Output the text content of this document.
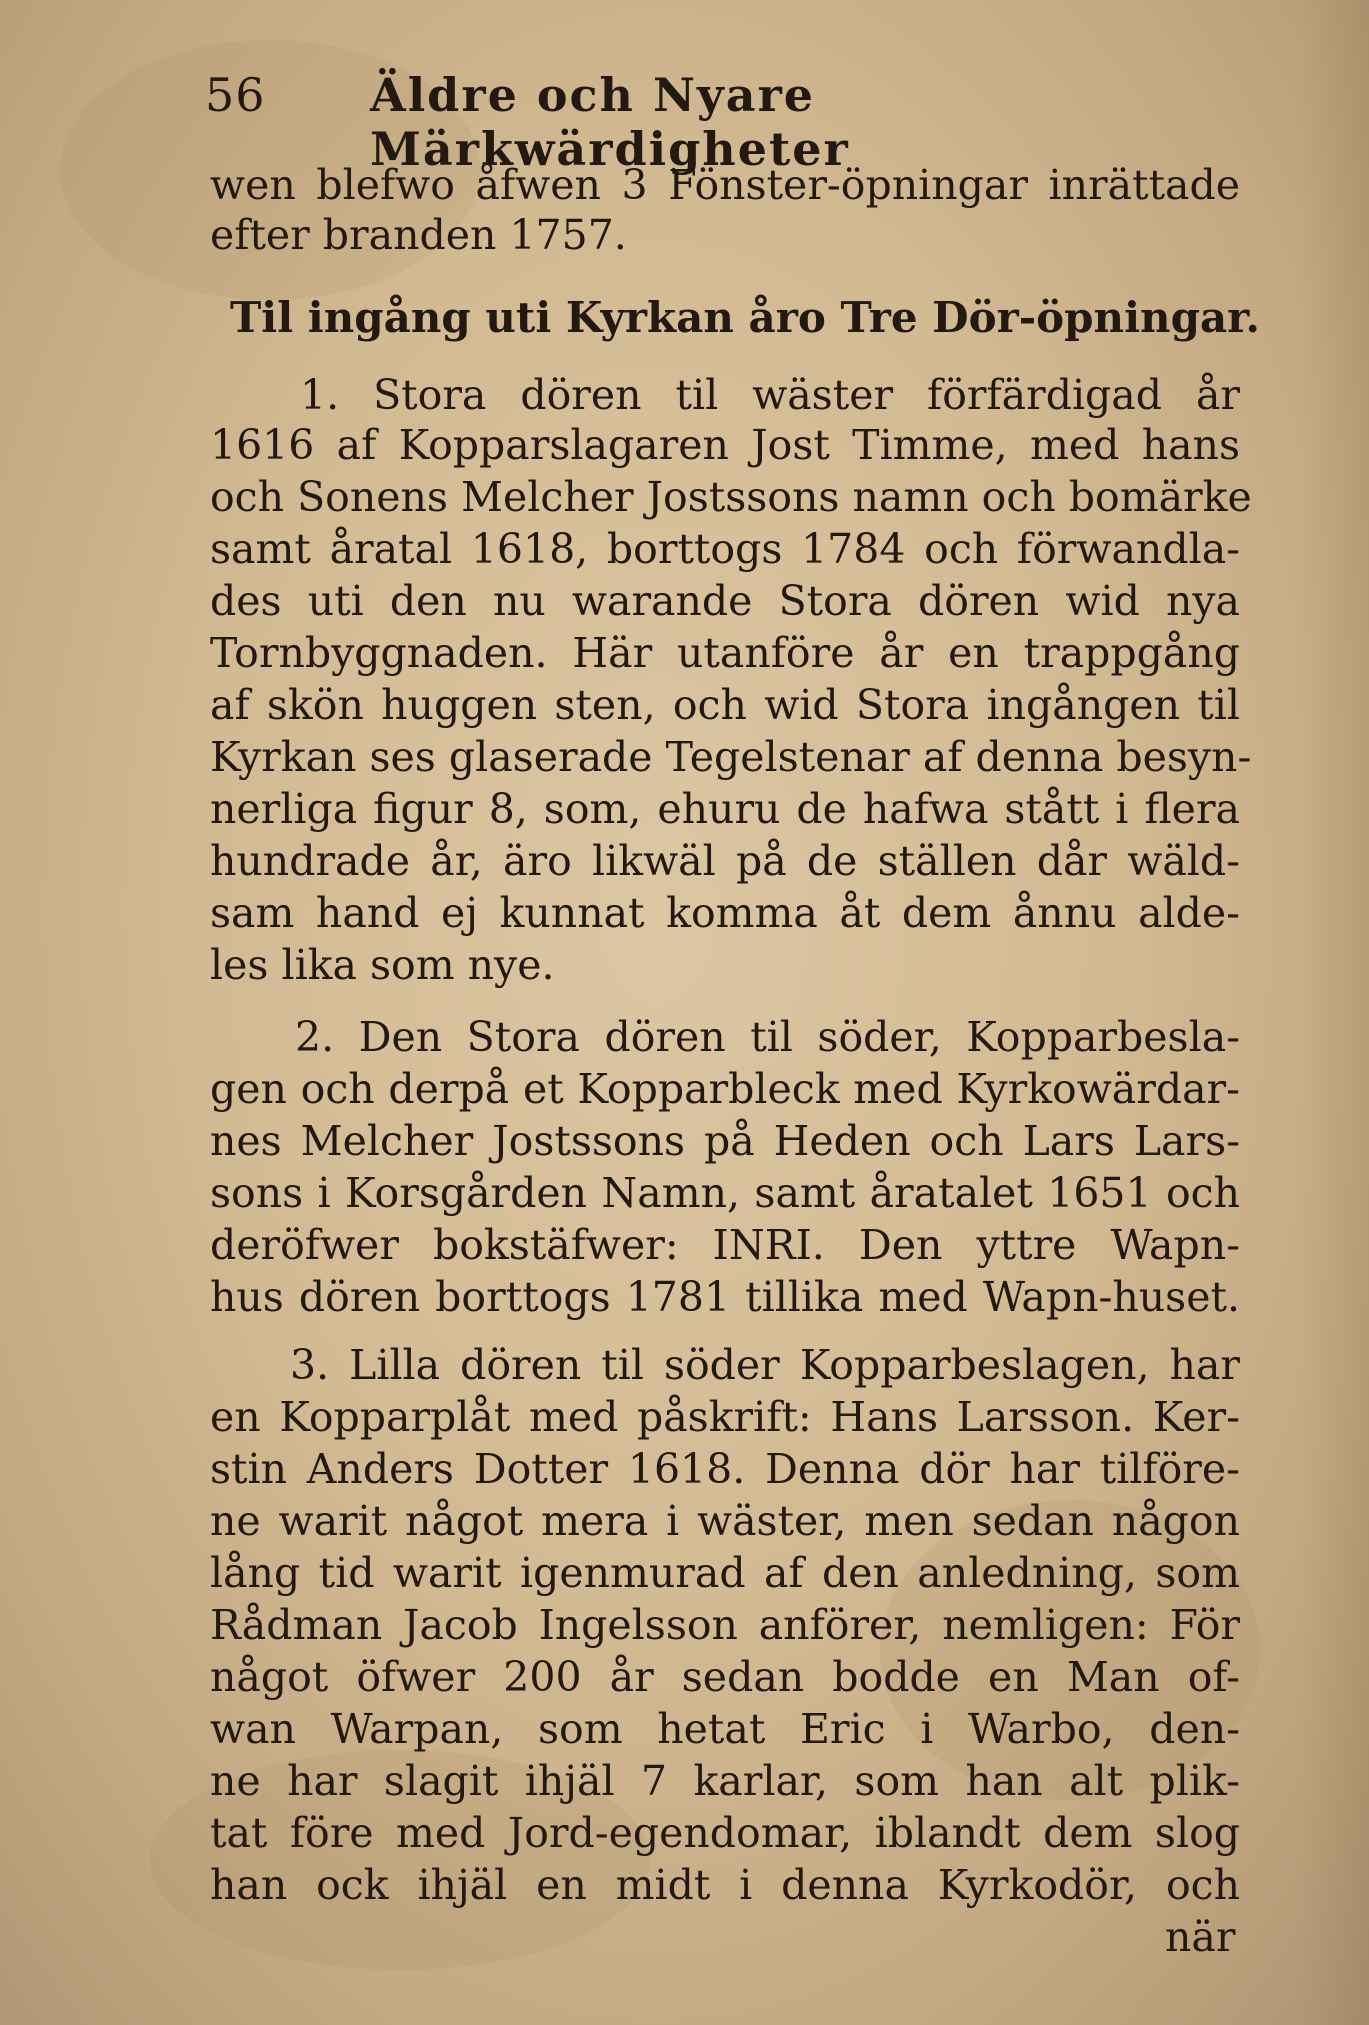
56 Äldre och Nyare Märkwärdigheter
wen blefwo åfwen 3 Fönster-öpningar inrättade
efter branden 1757.
Til ingång uti Kyrkan åro Tre Dör-öpningar.
1. Stora dören til wäster förfärdigad år
1616 af Kopparslagaren Jost Timme, med hans
och Sonens Melcher Jostssons namn och bomärke
samt åratal 1618, borttogs 1784 och förwandla-
des uti den nu warande Stora dören wid nya
Tornbyggnaden. Här utanföre år en trappgång
af skön huggen sten, och wid Stora ingången til
Kyrkan ses glaserade Tegelstenar af denna besyn-
nerliga figur 8, som, ehuru de hafwa stått i flera
hundrade år, äro likwäl på de ställen dår wäld-
sam hand ej kunnat komma åt dem ånnu alde-
les lika som nye.
2. Den Stora dören til söder, Kopparbesla-
gen och derpå et Kopparbleck med Kyrkowärdar-
nes Melcher Jostssons på Heden och Lars Lars-
sons i Korsgården Namn, samt åratalet 1651 och
deröfwer bokstäfwer: INRI. Den yttre Wapn-
hus dören borttogs 1781 tillika med Wapn-huset.
3. Lilla dören til söder Kopparbeslagen, har
en Kopparplåt med påskrift: Hans Larsson. Ker-
stin Anders Dotter 1618. Denna dör har tilföre-
ne warit något mera i wäster, men sedan någon
lång tid warit igenmurad af den anledning, som
Rådman Jacob Ingelsson anförer, nemligen: För
något öfwer 200 år sedan bodde en Man of-
wan Warpan, som hetat Eric i Warbo, den-
ne har slagit ihjäl 7 karlar, som han alt plik-
tat före med Jord-egendomar, iblandt dem slog
han ock ihjäl en midt i denna Kyrkodör, och
när
